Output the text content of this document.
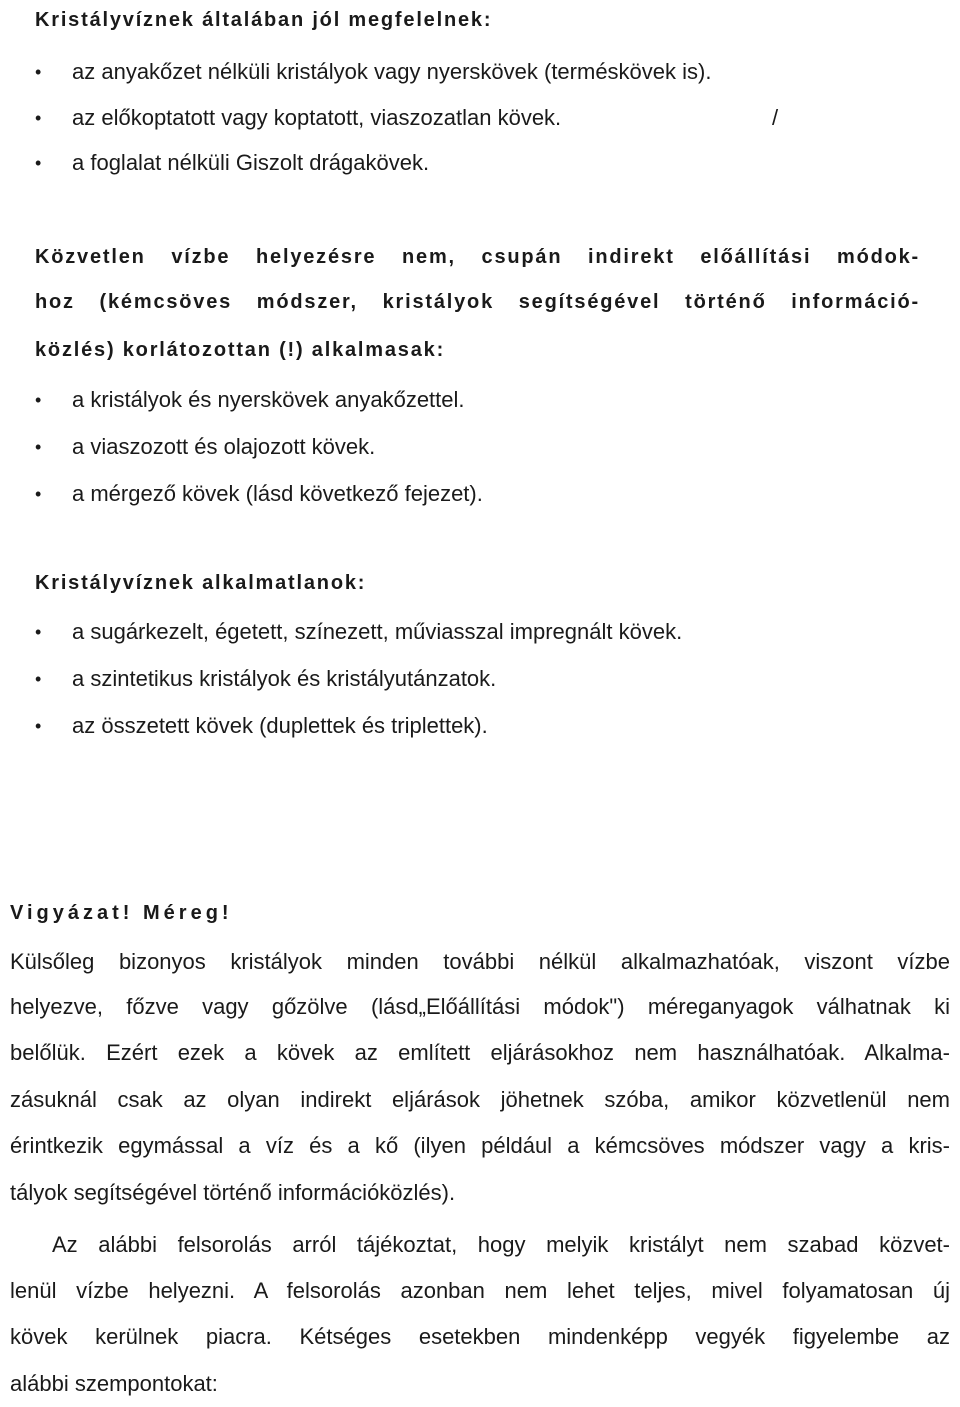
Kristályvíznek általában jól megfelelnek:
• az anyakőzet nélküli kristályok vagy nyerskövek (terméskövek is).
• az előkoptatott vagy koptatott, viaszozatlan kövek.	/
• a foglalat nélküli Giszolt drágakövek.
Közvetlen vízbe helyezésre nem, csupán indirekt előállítási módok-
hoz (kémcsöves módszer, kristályok segítségével történő információ-
közlés) korlátozottan (!) alkalmasak:
• a kristályok és nyerskövek anyakőzettel.
• a viaszozott és olajozott kövek.
• a mérgező kövek (lásd következő fejezet).
Kristályvíznek alkalmatlanok:
• a sugárkezelt, égetett, színezett, műviasszal impregnált kövek.
• a szintetikus kristályok és kristályutánzatok.
• az összetett kövek (duplettek és triplettek).
Vigyázat! Méreg!
Külsőleg bizonyos kristályok minden további nélkül alkalmazhatóak, viszont vízbe
helyezve, főzve vagy gőzölve (lásd„Előállítási módok") méreganyagok válhatnak ki
belőlük. Ezért ezek a kövek az említett eljárásokhoz nem használhatóak. Alkalma-
zásuknál csak az olyan indirekt eljárások jöhetnek szóba, amikor közvetlenül nem
érintkezik egymással a víz és a kő (ilyen például a kémcsöves módszer vagy a kris-
tályok segítségével történő információközlés).
Az alábbi felsorolás arról tájékoztat, hogy melyik kristályt nem szabad közvet-
lenül vízbe helyezni. A felsorolás azonban nem lehet teljes, mivel folyamatosan új
kövek kerülnek piacra. Kétséges esetekben mindenképp vegyék figyelembe az
alábbi szempontokat:
